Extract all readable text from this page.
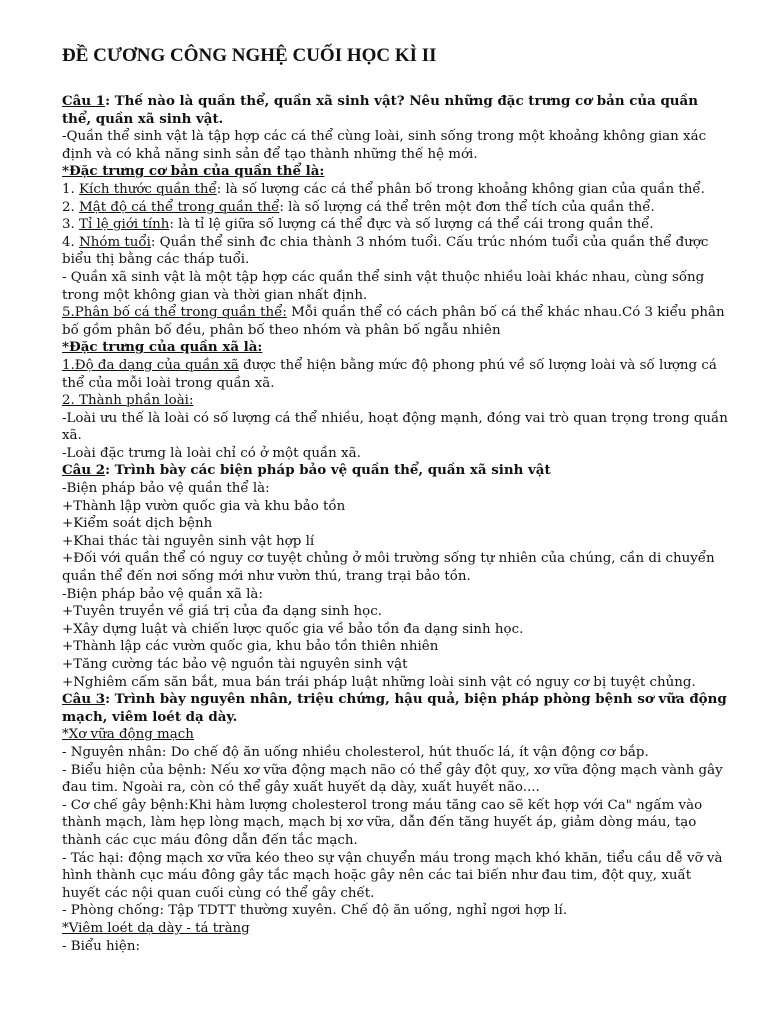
ĐỀ CƯƠNG CÔNG NGHỆ CUỐI HỌC KÌ II

Câu 1: Thế nào là quần thể, quần xã sinh vật? Nêu những đặc trưng cơ bản của quần thể, quần xã sinh vật.

-Quần thể sinh vật là tập hợp các cá thể cùng loài, sinh sống trong một khoảng không gian xác định và có khả năng sinh sản để tạo thành những thế hệ mới.

*Đặc trưng cơ bản của quần thể là:

1. Kích thước quần thể: là số lượng các cá thể phân bố trong khoảng không gian của quần thể.

2. Mật độ cá thể trong quần thể: là số lượng cá thể trên một đơn thể tích của quần thể.

3. Tỉ lệ giới tính: là tỉ lệ giữa số lượng cá thể đực và số lượng cá thể cái trong quần thể.

4. Nhóm tuổi: Quần thể sinh đc chia thành 3 nhóm tuổi. Cấu trúc nhóm tuổi của quần thể được biểu thị bằng các tháp tuổi.

- Quần xã sinh vật là một tập hợp các quần thể sinh vật thuộc nhiều loài khác nhau, cùng sống trong một không gian và thời gian nhất định.

5.Phân bố cá thể trong quần thể: Mỗi quần thể có cách phân bố cá thể khác nhau.Có 3 kiểu phân bố gồm phân bố đều, phân bố theo nhóm và phân bố ngẫu nhiên

*Đặc trưng của quần xã là:

1.Độ đa dạng của quần xã được thể hiện bằng mức độ phong phú về số lượng loài và số lượng cá thể của mỗi loài trong quần xã.

2. Thành phần loài:

-Loài ưu thế là loài có số lượng cá thể nhiều, hoạt động mạnh, đóng vai trò quan trọng trong quần xã.

-Loài đặc trưng là loài chỉ có ở một quần xã.

Câu 2: Trình bày các biện pháp bảo vệ quần thể, quần xã sinh vật

-Biện pháp bảo vệ quần thể là:

+Thành lập vườn quốc gia và khu bảo tồn

+Kiểm soát dịch bệnh

+Khai thác tài nguyên sinh vật hợp lí

+Đối với quần thể có nguy cơ tuyệt chủng ở môi trường sống tự nhiên của chúng, cần di chuyển quần thể đến nơi sống mới như vườn thú, trang trại bảo tồn.

-Biện pháp bảo vệ quần xã là:

+Tuyên truyền về giá trị của đa dạng sinh học.

+Xây dựng luật và chiến lược quốc gia về bảo tồn đa dạng sinh học.

+Thành lập các vườn quốc gia, khu bảo tồn thiên nhiên

+Tăng cường tác bảo vệ nguồn tài nguyên sinh vật

+Nghiêm cấm săn bắt, mua bán trái pháp luật những loài sinh vật có nguy cơ bị tuyệt chủng.

Câu 3: Trình bày nguyên nhân, triệu chứng, hậu quả, biện pháp phòng bệnh sơ vữa động mạch, viêm loét dạ dày.

*Xơ vữa động mạch

- Nguyên nhân: Do chế độ ăn uống nhiều cholesterol, hút thuốc lá, ít vận động cơ bắp.

- Biểu hiện của bệnh: Nếu xơ vữa động mạch não có thể gây đột quỵ, xơ vữa động mạch vành gây đau tim. Ngoài ra, còn có thể gây xuất huyết dạ dày, xuất huyết não....

- Cơ chế gây bệnh:Khi hàm lượng cholesterol trong máu tăng cao sẽ kết hợp với Ca" ngấm vào thành mạch, làm hẹp lòng mạch, mạch bị xơ vữa, dẫn đến tăng huyết áp, giảm dòng máu, tạo thành các cục máu đông dẫn đến tắc mạch.

- Tác hại: động mạch xơ vữa kéo theo sự vận chuyển máu trong mạch khó khăn, tiểu cầu dễ vỡ và hình thành cục máu đông gây tắc mạch hoặc gây nên các tai biến như đau tim, đột quỵ, xuất huyết các nội quan cuối cùng có thể gây chết.

- Phòng chống: Tập TDTT thường xuyên. Chế độ ăn uống, nghỉ ngơi hợp lí.

*Viêm loét dạ dày - tá tràng

- Biểu hiện:
